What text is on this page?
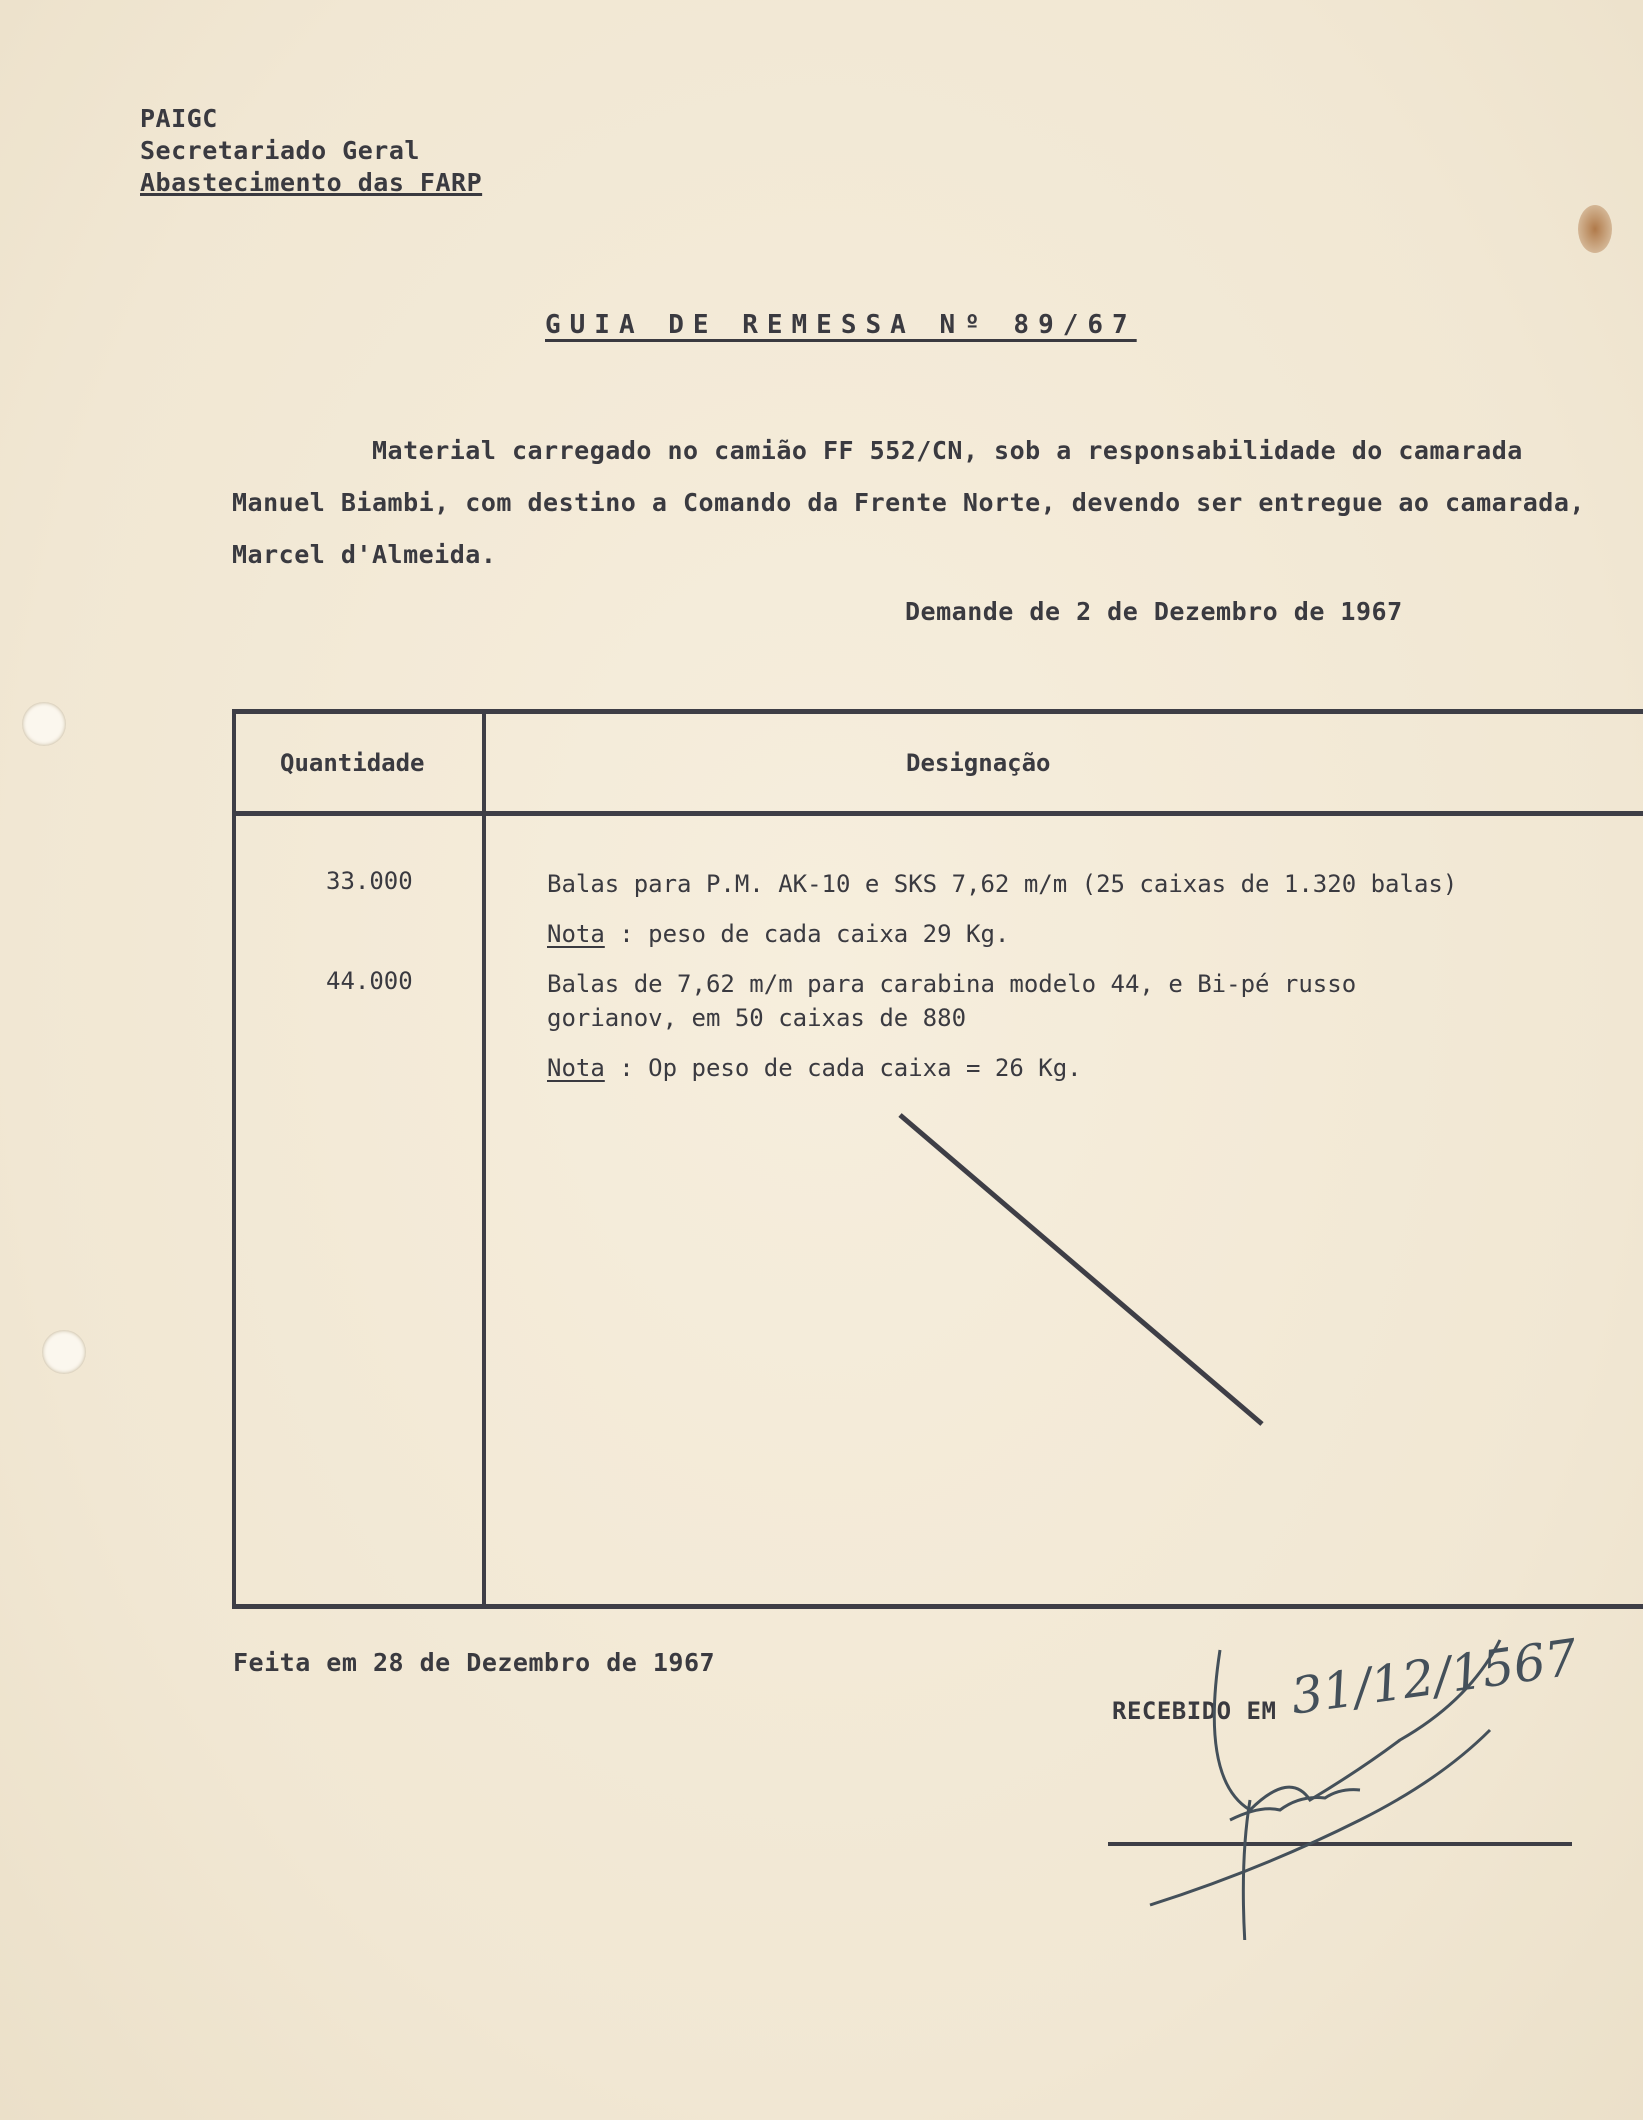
PAIGC
Secretariado Geral
Abastecimento das FARP
GUIA DE REMESSA Nº 89/67
Material carregado no camião FF 552/CN, sob a responsabilidade do camarada Manuel Biambi, com destino a Comando da Frente Norte, devendo ser entregue ao camarada, Marcel d'Almeida.
Demande de 2 de Dezembro de 1967
Quantidade	Designação
33.000	Balas para P.M. AK-10 e SKS 7,62 m/m (25 caixas de 1.320 balas)
Nota : peso de cada caixa 29 Kg.
44.000	Balas de 7,62 m/m para carabina modelo 44, e Bi-pé russo
gorianov, em 50 caixas de 880
Nota : Op peso de cada caixa = 26 Kg.
Feita em 28 de Dezembro de 1967
RECEBIDO EM 31/12/1567
